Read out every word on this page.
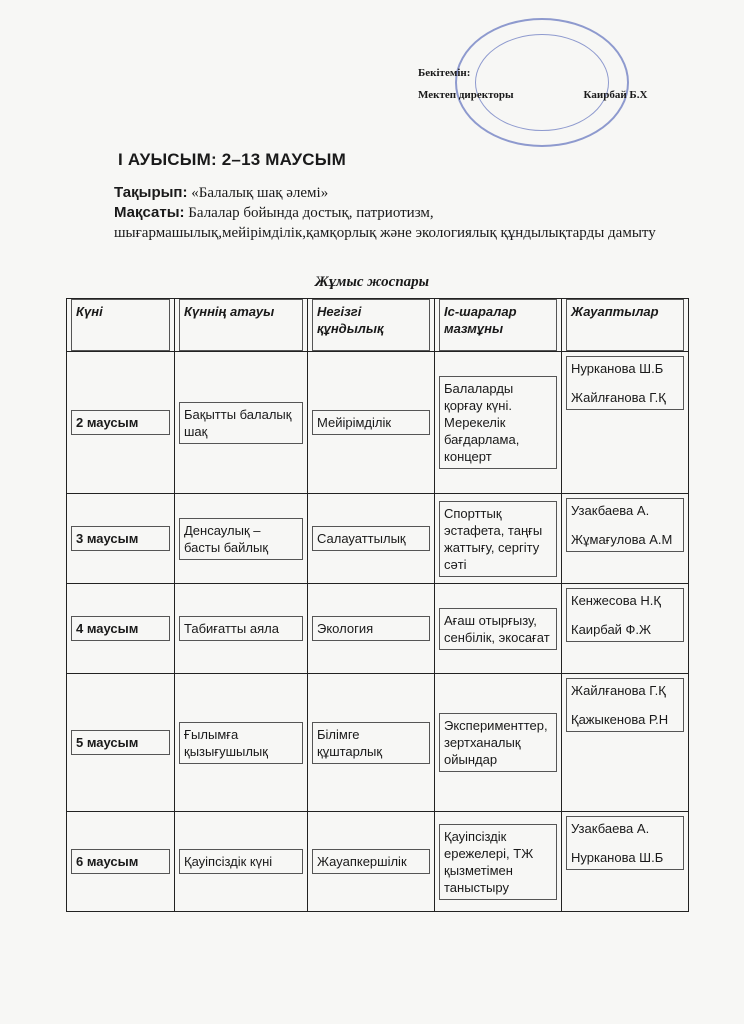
Бекітемін:
Мектеп директоры	Каирбай Б.Х
I АУЫСЫМ: 2–13 МАУСЫМ
Тақырып: «Балалық шақ әлемі»
Мақсаты: Балалар бойында достық, патриотизм, шығармашылық,мейірімділік,қамқорлық және экологиялық құндылықтарды дамыту
Жұмыс жоспары
Күні	Күннің атауы	Негізгі құндылық	Іс-шаралар мазмұны	Жауаптылар

2 маусым	Бақытты балалық шақ	Мейірімділік	Балаларды қорғау күні. Мерекелік бағдарлама, концерт	Нурканова Ш.Б
Жайлғанова Г.Қ

3 маусым	Денсаулық – басты байлық	Салауаттылық	Спорттық эстафета, таңғы жаттығу, сергіту сәті	Узакбаева А.
Жұмағулова А.М

4 маусым	Табиғатты аяла	Экология	Ағаш отырғызу, сенбілік, экосағат	Кенжесова Н.Қ
Каирбай Ф.Ж

5 маусым	Ғылымға қызығушылық	Білімге құштарлық	Эксперименттер, зертханалық ойындар	Жайлғанова Г.Қ
Қажыкенова Р.Н

6 маусым	Қауіпсіздік күні	Жауапкершілік	Қауіпсіздік ережелері, ТЖ қызметімен таныстыру	Узакбаева А.
Нурканова Ш.Б
